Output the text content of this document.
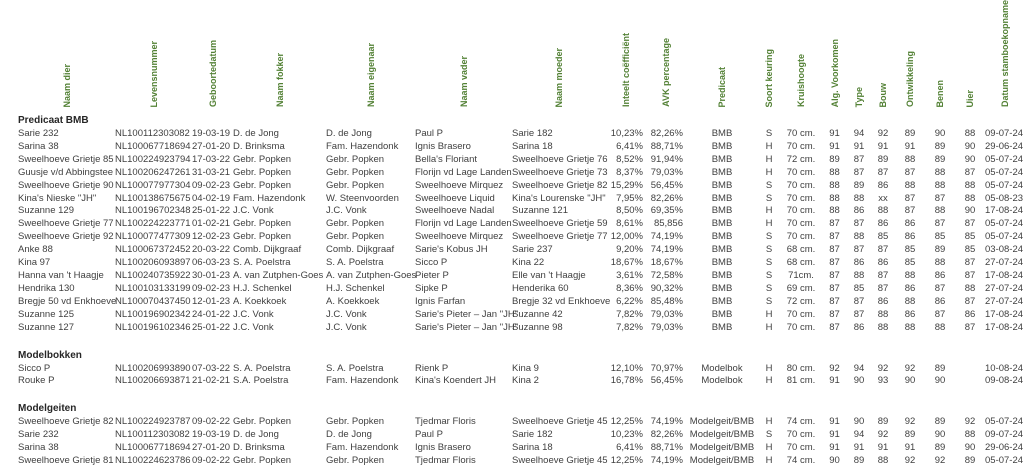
Naam dier	Levensnummer	Geboortedatum	Naam fokker	Naam eigenaar	Naam vader	Naam moeder	Inteelt coëfficiënt	AVK percentage	Predicaat	Soort keuring	Kruishoogte	Alg. Voorkomen	Type	Bouw	Ontwikkeling	Benen	Uier	Datum stamboekopname
Predicaat BMB																		
Sarie 232	NL100112303082	19-03-19	D. de Jong	D. de Jong	Paul P	Sarie 182	10,23%	82,26%	BMB	S	70 cm.	91	94	92	89	90	88	09-07-24
Sarina 38	NL100067718694	27-01-20	D. Brinksma	Fam. Hazendonk	Ignis Brasero	Sarina 18	6,41%	88,71%	BMB	H	70 cm.	91	91	91	91	89	90	29-06-24
Sweelhoeve Grietje 85	NL100224923794	17-03-22	Gebr. Popken	Gebr. Popken	Bella's Floriant	Sweelhoeve Grietje 76	8,52%	91,94%	BMB	H	72 cm.	89	87	89	88	89	90	05-07-24
Guusje v/d Abbingstee	NL100206247261	31-03-21	Gebr. Popken	Gebr. Popken	Florijn vd Lage Landen	Sweelhoeve Grietje 73	8,37%	79,03%	BMB	H	70 cm.	88	87	87	87	88	87	05-07-24
Sweelhoeve Grietje 90	NL100077977304	09-02-23	Gebr. Popken	Gebr. Popken	Sweelhoeve Mirquez	Sweelhoeve Grietje 82	15,29%	56,45%	BMB	S	70 cm.	88	89	86	88	88	88	05-07-24
Kina's Nieske "JH"	NL100138675675	04-02-19	Fam. Hazendonk	W. Steenvoorden	Sweelhoeve Liquid	Kina's Lourenske "JH"	7,95%	82,26%	BMB	S	70 cm.	88	88	xx	87	87	88	05-08-23
Suzanne 129	NL100196702348	25-01-22	J.C. Vonk	J.C. Vonk	Sweelhoeve Nadal	Suzanne 121	8,50%	69,35%	BMB	H	70 cm.	88	86	88	87	88	90	17-08-24
Sweelhoeve Grietje 77	NL100224223771	01-02-21	Gebr. Popken	Gebr. Popken	Florijn vd Lage Landen	Sweelhoeve Grietje 59	8,61%	85,856	BMB	H	70 cm.	87	87	86	86	87	87	05-07-24
Sweelhoeve Grietje 92	NL100077477309	12-02-23	Gebr. Popken	Gebr. Popken	Sweelhoeve Mirquez	Sweelhoeve Grietje 77	12,00%	74,19%	BMB	S	70 cm.	87	88	85	86	85	85	05-07-24
Anke 88	NL100067372452	20-03-22	Comb. Dijkgraaf	Comb. Dijkgraaf	Sarie's Kobus JH	Sarie 237	9,20%	74,19%	BMB	S	68 cm.	87	87	87	85	89	85	03-08-24
Kina 97	NL100206093897	06-03-23	S. A. Poelstra	S. A. Poelstra	Sicco P	Kina 22	18,67%	18,67%	BMB	S	68 cm.	87	86	86	85	88	87	27-07-24
Hanna van 't Haagje	NL100240735922	30-01-23	A. van Zutphen-Goes	A. van Zutphen-Goes	Pieter P	Elle van 't Haagje	3,61%	72,58%	BMB	S	71cm.	87	88	87	88	86	87	17-08-24
Hendrika 130	NL100103133199	09-02-23	H.J. Schenkel	H.J. Schenkel	Sipke P	Henderika 60	8,36%	90,32%	BMB	S	69 cm.	87	85	87	86	87	88	27-07-24
Bregje 50 vd Enkhoeve	NL100070437450	12-01-23	A. Koekkoek	A. Koekkoek	Ignis Farfan	Bregje 32 vd Enkhoeve	6,22%	85,48%	BMB	S	72 cm.	87	87	86	88	86	87	27-07-24
Suzanne 125	NL100196902342	24-01-22	J.C. Vonk	J.C. Vonk	Sarie's Pieter – Jan "JH"	Suzanne 42	7,82%	79,03%	BMB	H	70 cm.	87	87	88	86	87	86	17-08-24
Suzanne 127	NL100196102346	25-01-22	J.C. Vonk	J.C. Vonk	Sarie's Pieter – Jan "JH"	Suzanne 98	7,82%	79,03%	BMB	H	70 cm.	87	86	88	88	88	87	17-08-24

Modelbokken																		
Sicco P	NL100206993890	07-03-22	S. A. Poelstra	S. A. Poelstra	Rienk P	Kina 9	12,10%	70,97%	Modelbok	H	80 cm.	92	94	92	92	89		10-08-24
Rouke P	NL100206693871	21-02-21	S.A. Poelstra	Fam. Hazendonk	Kina's Koendert JH	Kina 2	16,78%	56,45%	Modelbok	H	81 cm.	91	90	93	90	90		09-08-24

Modelgeiten																		
Sweelhoeve Grietje 82	NL100224923787	09-02-22	Gebr. Popken	Gebr. Popken	Tjedmar Floris	Sweelhoeve Grietje 45	12,25%	74,19%	Modelgeit/BMB	H	74 cm.	91	90	89	92	89	92	05-07-24
Sarie 232	NL100112303082	19-03-19	D. de Jong	D. de Jong	Paul P	Sarie 182	10,23%	82,26%	Modelgeit/BMB	S	70 cm.	91	94	92	89	90	88	09-07-24
Sarina 38	NL100067718694	27-01-20	D. Brinksma	Fam. Hazendonk	Ignis Brasero	Sarina 18	6,41%	88,71%	Modelgeit/BMB	H	70 cm.	91	91	91	91	89	90	29-06-24
Sweelhoeve Grietje 81	NL100224623786	09-02-22	Gebr. Popken	Gebr. Popken	Tjedmar Floris	Sweelhoeve Grietje 45	12,25%	74,19%	Modelgeit/BMB	H	74 cm.	90	89	88	92	92	89	05-07-24
